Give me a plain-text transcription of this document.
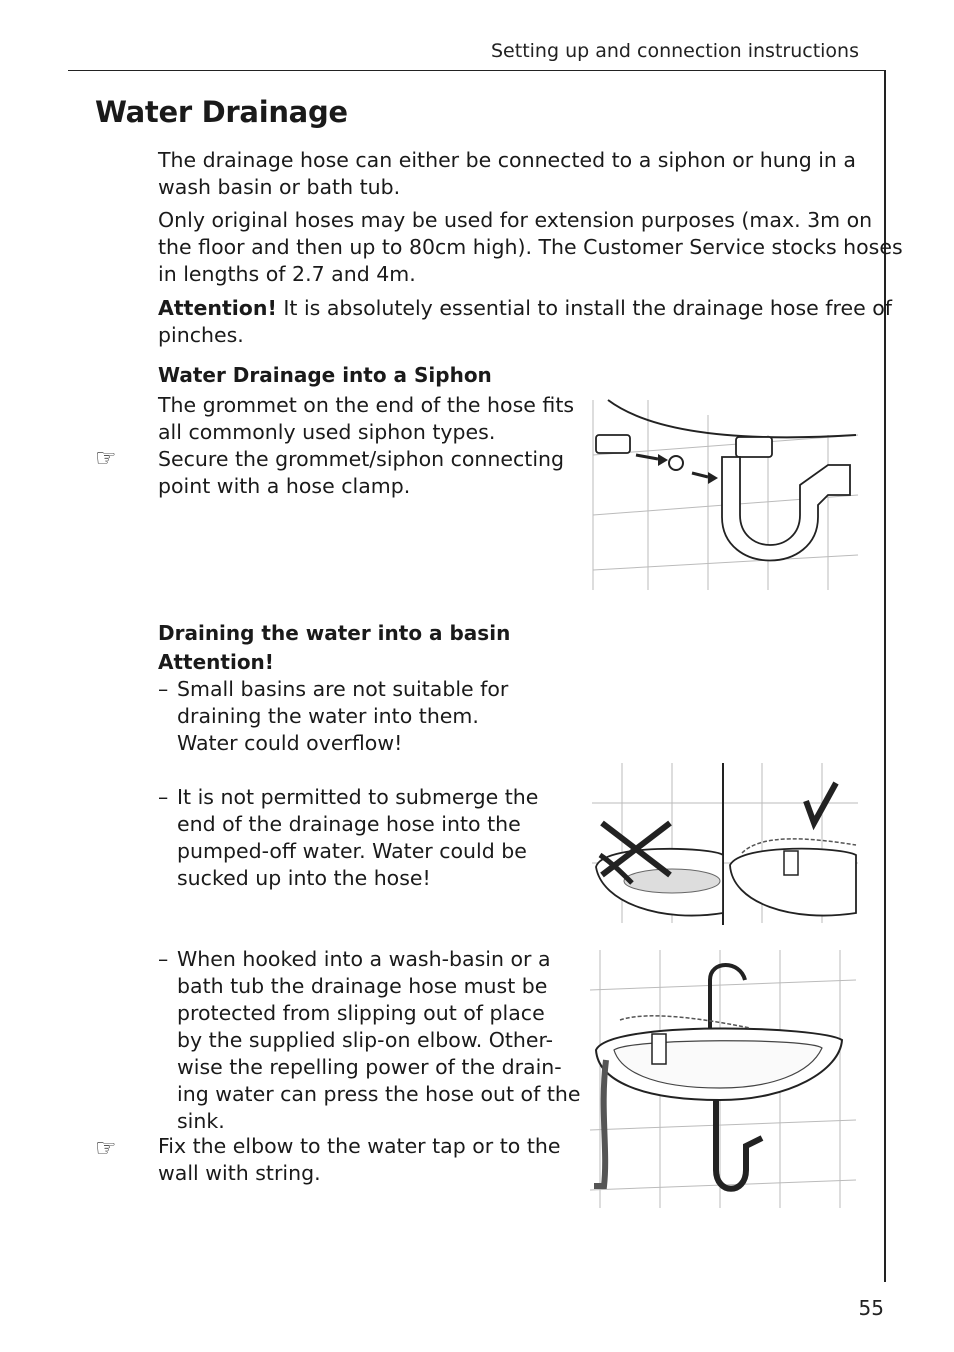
Setting up and connection instructions
Water Drainage
The drainage hose can either be connected to a siphon or hung in a
wash basin or bath tub.
Only original hoses may be used for extension purposes (max. 3m on
the floor and then up to 80cm high). The Customer Service stocks hoses
in lengths of 2.7 and 4m.
Attention! It is absolutely essential to install the drainage hose free of
pinches.
Water Drainage into a Siphon
The grommet on the end of the hose fits
all commonly used siphon types.
Secure the grommet/siphon connecting
point with a hose clamp.
☞
Draining the water into a basin
Attention!
– Small basins are not suitable for
draining the water into them.
Water could overflow!
– It is not permitted to submerge the
end of the drainage hose into the
pumped-off water. Water could be
sucked up into the hose!
– When hooked into a wash-basin or a
bath tub the drainage hose must be
protected from slipping out of place
by the supplied slip-on elbow. Other-
wise the repelling power of the drain-
ing water can press the hose out of the
sink.
☞ Fix the elbow to the water tap or to the
wall with string.
55
